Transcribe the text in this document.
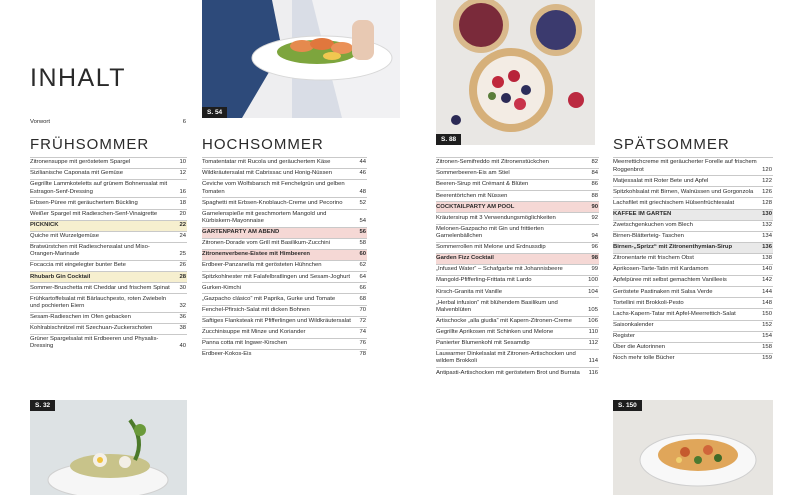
S. 54
S. 88
S. 32	S. 150
INHALT
Vorwort	6
FRÜHSOMMER
Zitronensuppe mit geröstetem Spargel	10
Sizilianische Caponata mit Gemüse	12
Gegrillte Lammkoteletts auf grünem Bohnensalat mit Estragon-Senf-Dressing	16
Erbsen-Püree mit geräuchertem Bückling	18
Weißer Spargel mit Radieschen-Senf-Vinaigrette	20
PICKNICK	22
Quiche mit Wurzelgemüse	24
Bratwürstchen mit Radieschensalat und Miso-Orangen-Marinade	25
Focaccia mit eingelegter bunter Bete	26
Rhubarb Gin Cocktail	28
Sommer-Bruschetta mit Cheddar und frischem Spinat	30
Frühkartoffelsalat mit Bärlauchpesto, roten Zwiebeln und pochierten Eiern	32
Sesam-Radieschen im Ofen gebacken	36
Kohlrabischnitzel mit Szechuan-Zuckerschoten	38
Grüner Spargelsalat mit Erdbeeren und Physalis-Dressing	40
HOCHSOMMER
Tomatentatar mit Rucola und geräuchertem Käse	44
Wildkräutersalat mit Cabrissac und Honig-Nüssen	46
Ceviche vom Wolfsbarsch mit Fenchelgrün und gelben Tomaten	48
Spaghetti mit Erbsen-Knoblauch-Creme und Pecorino	52
Garnelenspieße mit geschmortem Mangold und Kürbiskern-Mayonnaise	54
GARTENPARTY AM ABEND	56
Zitronen-Dorade vom Grill mit Basilikum-Zucchini	58
Zitronenverbene-Eistee mit Himbeeren	60
Erdbeer-Panzanella mit gerösteten Hühnchen	62
Spitzkohlnester mit Falafelbratlingen und Sesam-Joghurt	64
Gurken-Kimchi	66
„Gazpacho clásico“ mit Paprika, Gurke und Tomate	68
Fenchel-Pfirsich-Salat mit dicken Bohnen	70
Saftiges Flanksteak mit Pfifferlingen und Wildkräutersalat	72
Zucchinisuppe mit Minze und Koriander	74
Panna cotta mit Ingwer-Kirschen	76
Erdbeer-Kokos-Eis	78
Zitronen-Semifreddo mit Zitronenstückchen	82
Sommerbeeren-Eis am Stiel	84
Beeren-Sirup mit Crémant & Blüten	86
Beerentörtchen mit Nüssen	88
COCKTAILPARTY AM POOL	90
Kräutersirup mit 3 Verwendungsmöglichkeiten	92
Melonen-Gazpacho mit Gin und frittierten Garnelenbällchen	94
Sommerrollen mit Melone und Erdnussdip	96
Garden Fizz Cocktail	98
„Infused Water“ – Schafgarbe mit Johannisbeere	99
Mangold-Pfifferling-Frittata mit Lardo	100
Kirsch-Granita mit Vanille	104
„Herbal infusion“ mit blühendem Basilikum und Malvenblüten	105
Artischocke „alla giudia“ mit Kapern-Zitronen-Creme	106
Gegrillte Aprikosen mit Schinken und Melone	110
Panierter Blumenkohl mit Sesamdip	112
Lauwarmer Dinkelsalat mit Zitronen-Artischocken und wildem Brokkoli	114
Antipasti-Artischocken mit geröstetem Brot und Burrata	116
SPÄTSOMMER
Meerrettichcreme mit geräucherter Forelle auf frischem Roggenbrot	120
Matjessalat mit Roter Bete und Apfel	122
Spitzkohlsalat mit Birnen, Walnüssen und Gorgonzola	126
Lachsfilet mit griechischem Hülsenfrüchtesalat	128
KAFFEE IM GARTEN	130
Zwetschgenkuchen vom Blech	132
Birnen-Blätterteig- Taschen	134
Birnen-„Sprizz“ mit Zitronenthymian-Sirup	136
Zitronentarte mit frischem Obst	138
Aprikosen-Tarte-Tatin mit Kardamom	140
Apfelpüree mit selbst gemachtem Vanilleeis	142
Geröstete Pastinaken mit Salsa Verde	144
Tortellini mit Brokkoli-Pesto	148
Lachs-Kapern-Tatar mit Apfel-Meerrettich-Salat	150
Saisonkalender	152
Register	154
Über die Autorinnen	158
Noch mehr tolle Bücher	159
